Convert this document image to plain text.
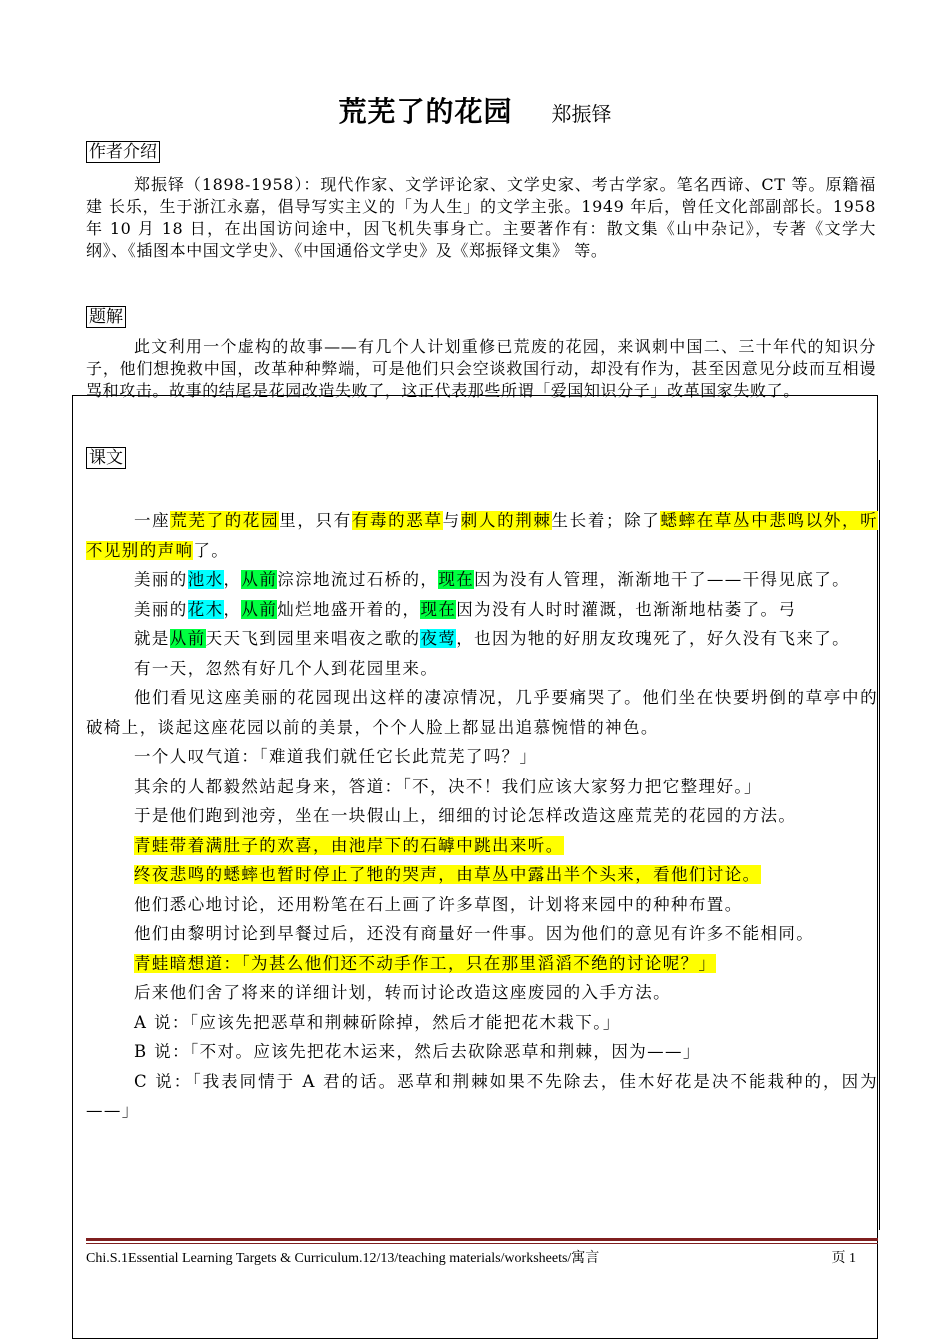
荒芜了的花园 郑振铎
作者介绍
郑振铎（1898-1958）：现代作家、文学评论家、文学史家、考古学家。笔名西谛、CT 等。原籍福建 长乐，生于浙江永嘉，倡导写实主义的「为人生」的文学主张。1949 年后，曾任文化部副部长。1958 年 10 月 18 日，在出国访问途中，因飞机失事身亡。主要著作有：散文集《山中杂记》，专著《文学大纲》、《插图本中国文学史》、《中国通俗文学史》及《郑振铎文集》 等。
题解
此文利用一个虚构的故事——有几个人计划重修已荒废的花园，来讽刺中国二、三十年代的知识分子，他们想挽救中国，改革种种弊端，可是他们只会空谈救国行动，却没有作为，甚至因意见分歧而互相谩骂和攻击。故事的结尾是花园改造失败了，这正代表那些所谓「爱国知识分子」改革国家失败了。
课文

一座荒芜了的花园里，只有有毒的恶草与刺人的荆棘生长着；除了蟋蟀在草丛中悲鸣以外，听不见别的声响了。

美丽的池水，从前淙淙地流过石桥的，现在因为没有人管理，渐渐地干了——干得见底了。

美丽的花木，从前灿烂地盛开着的，现在因为没有人时时灌溉，也渐渐地枯萎了。弓

就是从前天天飞到园里来唱夜之歌的夜莺，也因为牠的好朋友玫瑰死了，好久没有飞来了。

有一天，忽然有好几个人到花园里来。

他们看见这座美丽的花园现出这样的凄凉情况，几乎要痛哭了。他们坐在快要坍倒的草亭中的破椅上，谈起这座花园以前的美景，个个人脸上都显出追慕惋惜的神色。

一个人叹气道：「难道我们就任它长此荒芜了吗？」

其余的人都毅然站起身来，答道：「不，决不！我们应该大家努力把它整理好。」

于是他们跑到池旁，坐在一块假山上，细细的讨论怎样改造这座荒芜的花园的方法。

青蛙带着满肚子的欢喜，由池岸下的石罅中跳出来听。

终夜悲鸣的蟋蟀也暂时停止了牠的哭声，由草丛中露出半个头来，看他们讨论。

他们悉心地讨论，还用粉笔在石上画了许多草图，计划将来园中的种种布置。

他们由黎明讨论到早餐过后，还没有商量好一件事。因为他们的意见有许多不能相同。

青蛙暗想道：「为甚么他们还不动手作工，只在那里滔滔不绝的讨论呢？」

后来他们舍了将来的详细计划，转而讨论改造这座废园的入手方法。

A 说：「应该先把恶草和荆棘斫除掉，然后才能把花木栽下。」

B 说：「不对。应该先把花木运来，然后去砍除恶草和荆棘，因为——」

C 说：「我表同情于 A 君的话。恶草和荆棘如果不先除去，佳木好花是决不能栽种的，因为——」

Chi.S.1Essential Learning Targets & Curriculum.12/13/teaching materials/worksheets/寓言	页 1
